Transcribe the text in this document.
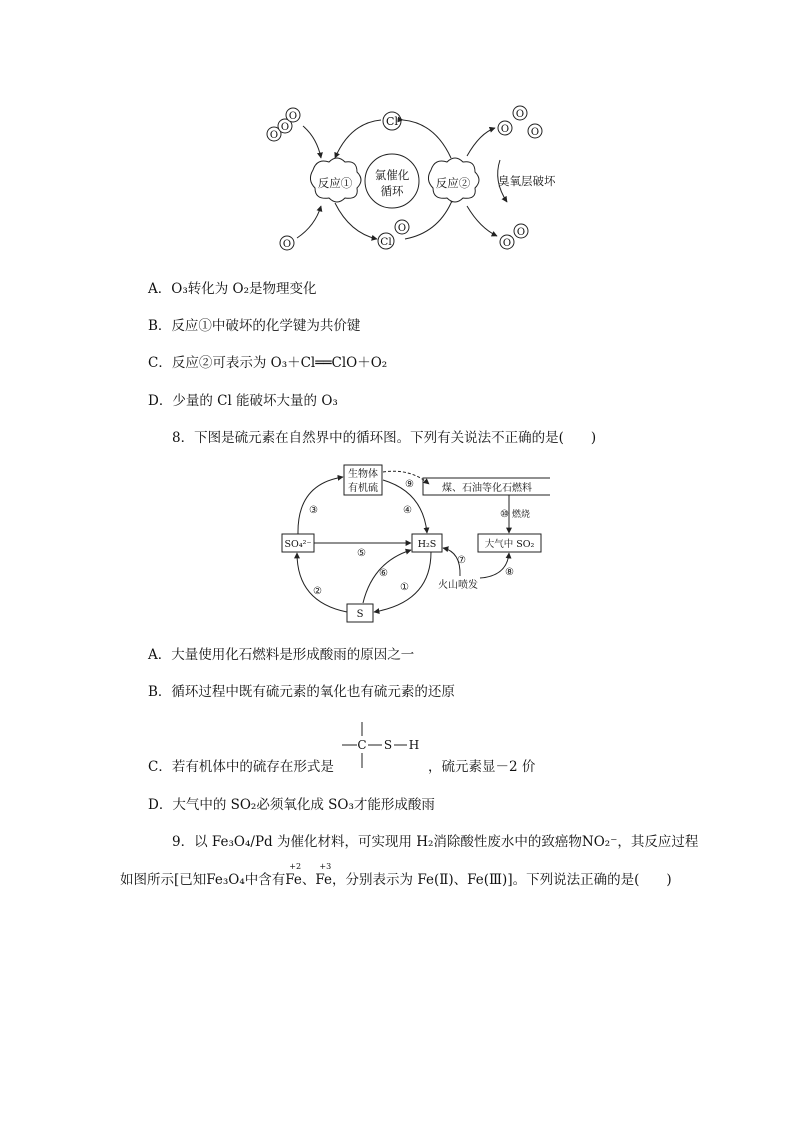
Cl
氯催化
循环
反应①	反应②
O
O
O
O	Cl
O
O
O
O
臭氧层破坏
O
O
A．O₃转化为 O₂是物理变化
B．反应①中破坏的化学键为共价键
C．反应②可表示为 O₃＋Cl══ClO＋O₂
D．少量的 Cl 能破坏大量的 O₃
8．下图是硫元素在自然界中的循环图。下列有关说法不正确的是(　　)
生物体
有机硫	煤、石油等化石燃料
SO₄²⁻	H₂S	大气中 SO₂
S
③	④
⑨
⑩ 燃烧
⑤
②	①
⑥
火山喷发
⑦
⑧
A．大量使用化石燃料是形成酸雨的原因之一
B．循环过程中既有硫元素的氧化也有硫元素的还原
C．若有机体中的硫存在形式是
C S H
，硫元素显－2 价
D．大气中的 SO₂必须氧化成 SO₃才能形成酸雨
9．以 Fe₃O₄/Pd 为催化材料，可实现用 H₂消除酸性废水中的致癌物NO₂⁻，其反应过程
如图所示[已知Fe₃O₄中含有
+2
Fe、
+3
Fe，分别表示为 Fe(Ⅱ)、Fe(Ⅲ)]。下列说法正确的是(　　)
